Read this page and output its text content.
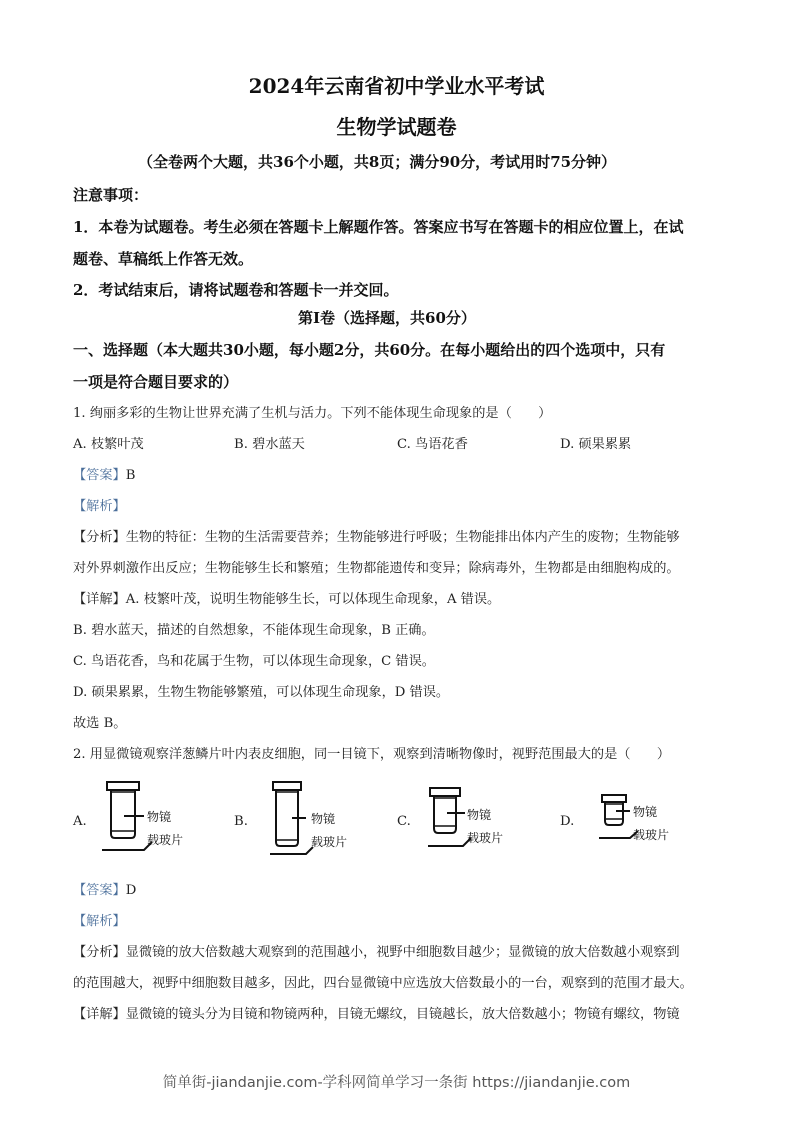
2024年云南省初中学业水平考试
生物学试题卷
（全卷两个大题，共36个小题，共8页；满分90分，考试用时75分钟）
注意事项：
1．本卷为试题卷。考生必须在答题卡上解题作答。答案应书写在答题卡的相应位置上，在试
题卷、草稿纸上作答无效。
2．考试结束后，请将试题卷和答题卡一并交回。
第Ⅰ卷（选择题，共60分）
一、选择题（本大题共30小题，每小题2分，共60分。在每小题给出的四个选项中，只有
一项是符合题目要求的）
1. 绚丽多彩的生物让世界充满了生机与活力。下列不能体现生命现象的是（　　）
A. 枝繁叶茂	B. 碧水蓝天	C. 鸟语花香	D. 硕果累累
【答案】B
【解析】
【分析】生物的特征：生物的生活需要营养；生物能够进行呼吸；生物能排出体内产生的废物；生物能够
对外界刺激作出反应；生物能够生长和繁殖；生物都能遗传和变异；除病毒外，生物都是由细胞构成的。
【详解】A. 枝繁叶茂，说明生物能够生长，可以体现生命现象，A 错误。
B. 碧水蓝天，描述的自然想象，不能体现生命现象，B 正确。
C. 鸟语花香，鸟和花属于生物，可以体现生命现象，C 错误。
D. 硕果累累，生物生物能够繁殖，可以体现生命现象，D 错误。
故选 B。
2. 用显微镜观察洋葱鳞片叶内表皮细胞，同一目镜下，观察到清晰物像时，视野范围最大的是（　　）
A.	物镜
载玻片
B.	物镜
载玻片
C.	物镜
载玻片
D.
物镜
载玻片
【答案】D
【解析】
【分析】显微镜的放大倍数越大观察到的范围越小，视野中细胞数目越少；显微镜的放大倍数越小观察到
的范围越大，视野中细胞数目越多，因此，四台显微镜中应选放大倍数最小的一台，观察到的范围才最大。
【详解】显微镜的镜头分为目镜和物镜两种，目镜无螺纹，目镜越长，放大倍数越小；物镜有螺纹，物镜
简单街-jiandanjie.com-学科网简单学习一条街 https://jiandanjie.com
